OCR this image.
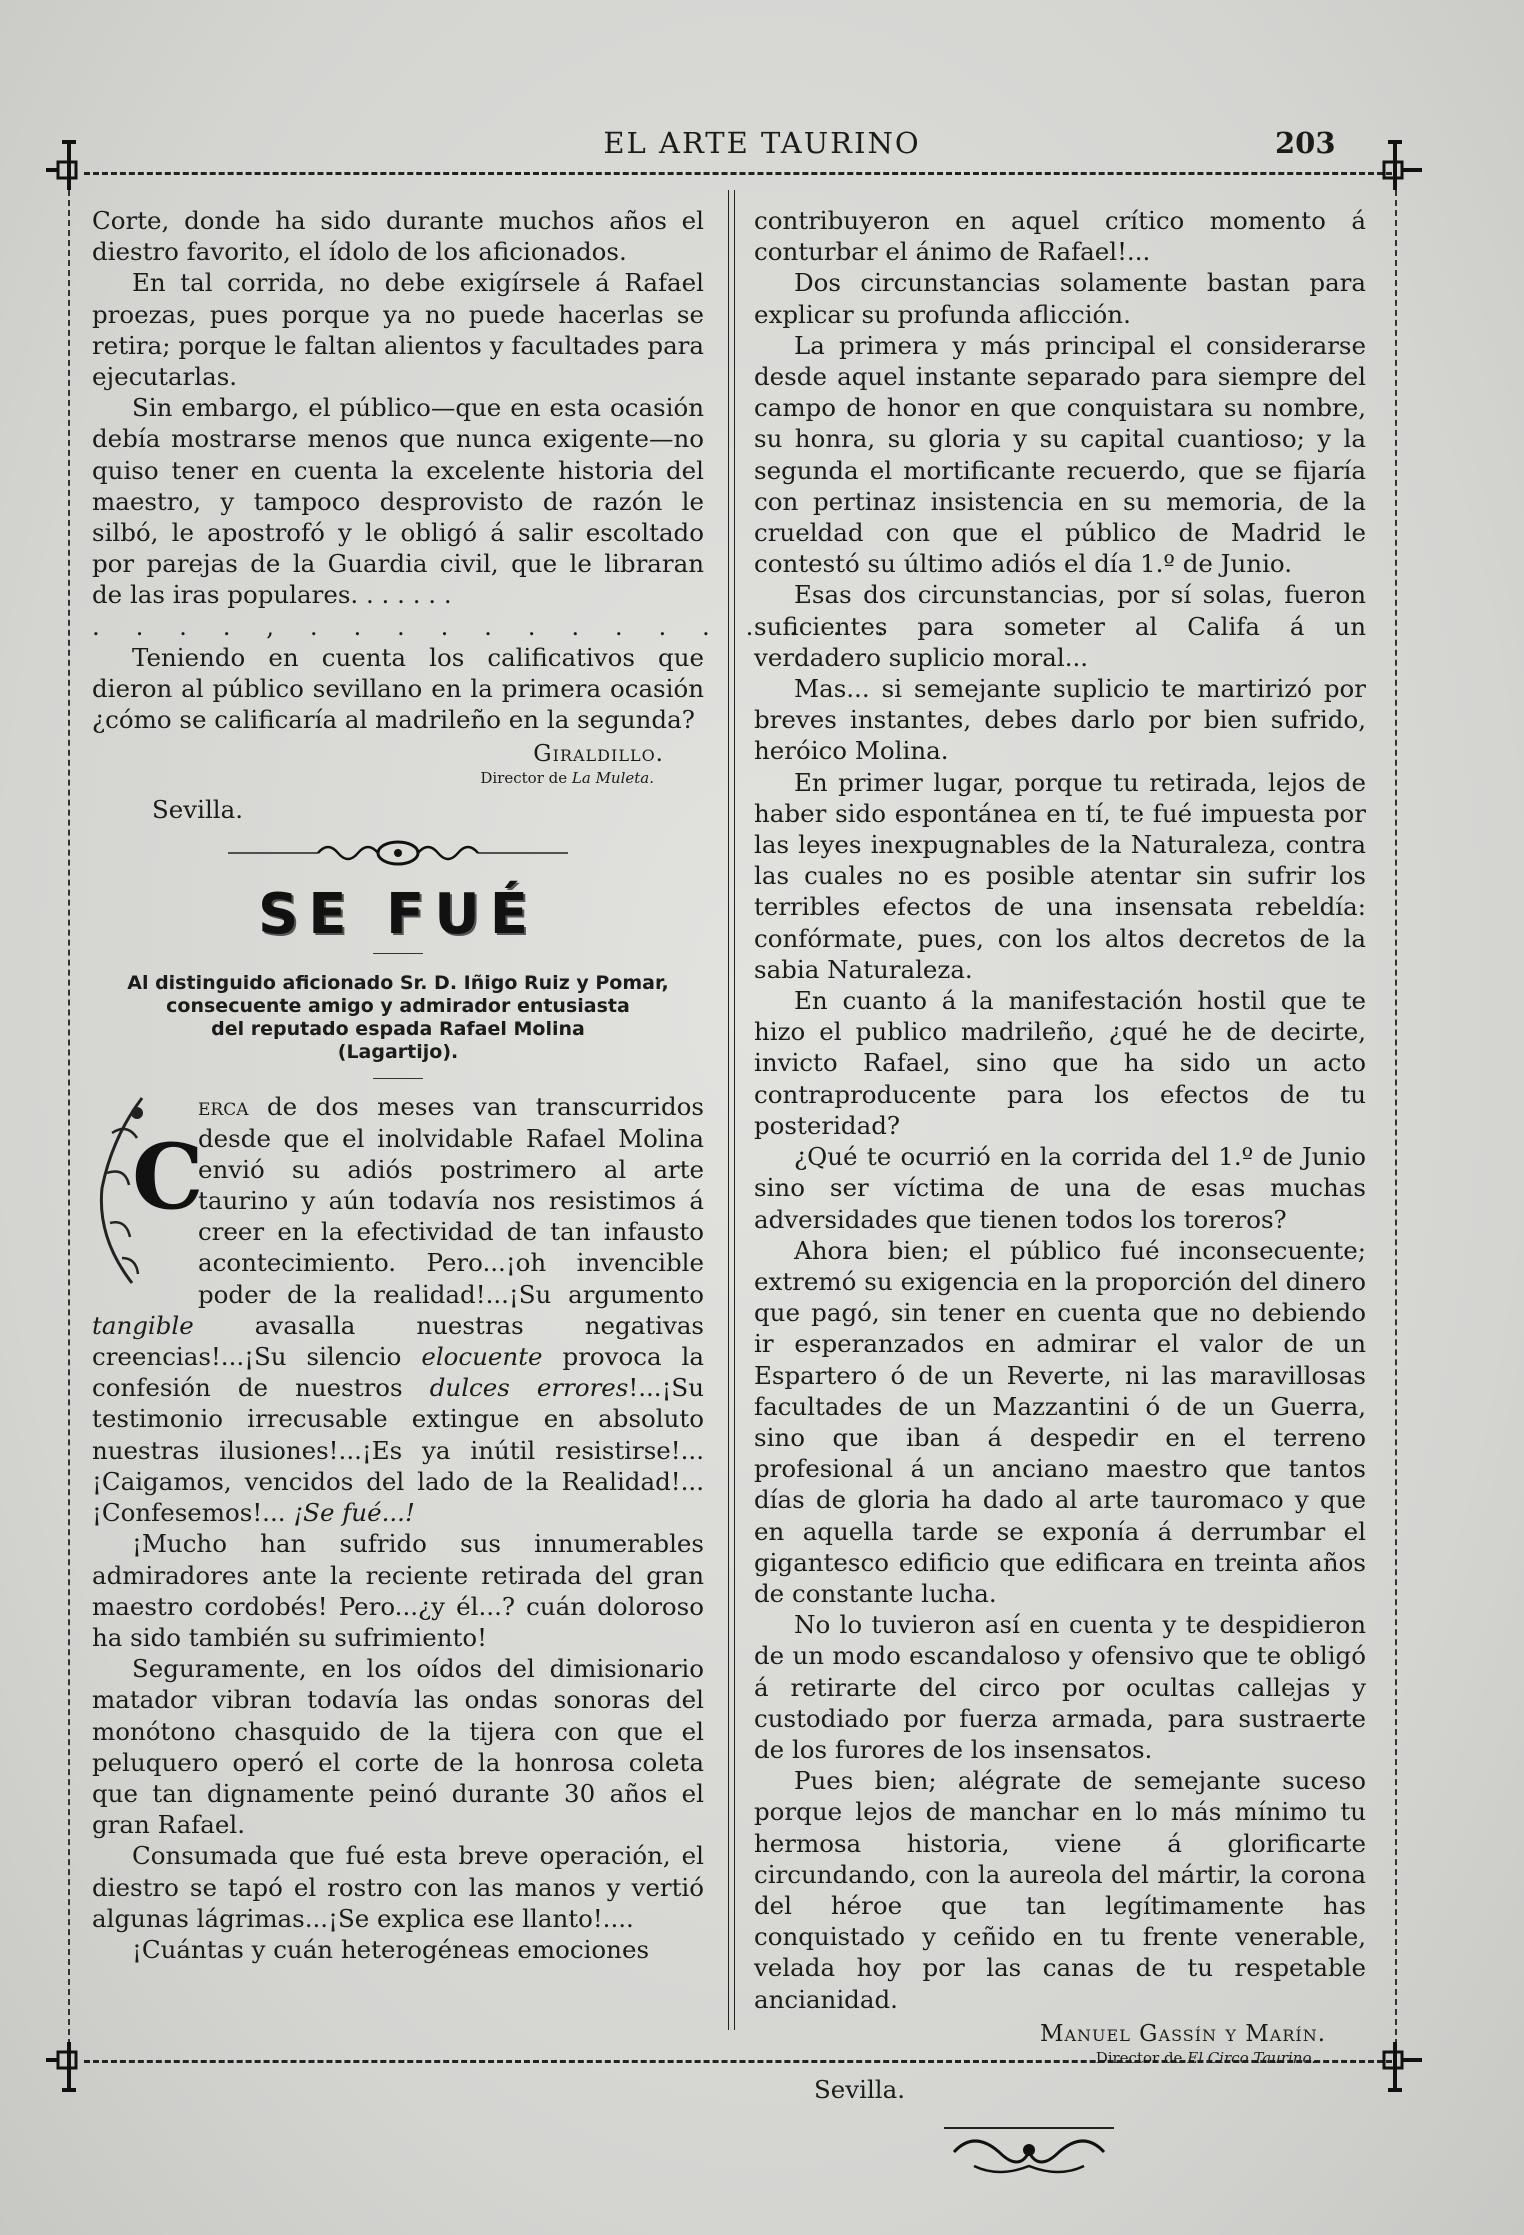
EL ARTE TAURINO	203

Corte, donde ha sido durante muchos años el diestro favorito, el ídolo de los aficionados.

En tal corrida, no debe exigírsele á Rafael proezas, pues porque ya no puede hacerlas se retira; porque le faltan alientos y facultades para ejecutarlas.

Sin embargo, el público—que en esta ocasión debía mostrarse menos que nunca exigente—no quiso tener en cuenta la excelente historia del maestro, y tampoco desprovisto de razón le silbó, le apostrofó y le obligó á salir escoltado por parejas de la Guardia civil, que le libraran de las iras populares. . . . . . .

. . . . , . . . . . . . . . . . . . .

Teniendo en cuenta los calificativos que dieron al público sevillano en la primera ocasión ¿cómo se calificaría al madrileño en la segunda?

Giraldillo.
Director de La Muleta.
Sevilla.
SE FUÉ
Al distinguido aficionado Sr. D. Iñigo Ruiz y Pomar,
consecuente amigo y admirador entusiasta
del reputado espada Rafael Molina
(Lagartijo).
C

erca de dos meses van transcurridos desde que el inolvidable Rafael Molina envió su adiós postrimero al arte taurino y aún todavía nos resistimos á creer en la efectividad de tan infausto acontecimiento. Pero...¡oh invencible poder de la realidad!...¡Su argumento tangible avasalla nuestras negativas creencias!...¡Su silencio elocuente provoca la confesión de nuestros dulces errores!...¡Su testimonio irrecusable extingue en absoluto nuestras ilusiones!...¡Es ya inútil resistirse!...¡Caigamos, vencidos del lado de la Realidad!...¡Confesemos!... ¡Se fué...!

¡Mucho han sufrido sus innumerables admiradores ante la reciente retirada del gran maestro cordobés! Pero...¿y él...? cuán doloroso ha sido también su sufrimiento!

Seguramente, en los oídos del dimisionario matador vibran todavía las ondas sonoras del monótono chasquido de la tijera con que el peluquero operó el corte de la honrosa coleta que tan dignamente peinó durante 30 años el gran Rafael.

Consumada que fué esta breve operación, el diestro se tapó el rostro con las manos y vertió algunas lágrimas...¡Se explica ese llanto!....

¡Cuántas y cuán heterogéneas emociones

contribuyeron en aquel crítico momento á conturbar el ánimo de Rafael!...

Dos circunstancias solamente bastan para explicar su profunda aflicción.

La primera y más principal el considerarse desde aquel instante separado para siempre del campo de honor en que conquistara su nombre, su honra, su gloria y su capital cuantioso; y la segunda el mortificante recuerdo, que se fijaría con pertinaz insistencia en su memoria, de la crueldad con que el público de Madrid le contestó su último adiós el día 1.º de Junio.

Esas dos circunstancias, por sí solas, fueron suficientes para someter al Califa á un verdadero suplicio moral...

Mas... si semejante suplicio te martirizó por breves instantes, debes darlo por bien sufrido, heróico Molina.

En primer lugar, porque tu retirada, lejos de haber sido espontánea en tí, te fué impuesta por las leyes inexpugnables de la Naturaleza, contra las cuales no es posible atentar sin sufrir los terribles efectos de una insensata rebeldía: confórmate, pues, con los altos decretos de la sabia Naturaleza.

En cuanto á la manifestación hostil que te hizo el publico madrileño, ¿qué he de decirte, invicto Rafael, sino que ha sido un acto contraproducente para los efectos de tu posteridad?

¿Qué te ocurrió en la corrida del 1.º de Junio sino ser víctima de una de esas muchas adversidades que tienen todos los toreros?

Ahora bien; el público fué inconsecuente; extremó su exigencia en la proporción del dinero que pagó, sin tener en cuenta que no debiendo ir esperanzados en admirar el valor de un Espartero ó de un Reverte, ni las maravillosas facultades de un Mazzantini ó de un Guerra, sino que iban á despedir en el terreno profesional á un anciano maestro que tantos días de gloria ha dado al arte tauromaco y que en aquella tarde se exponía á derrumbar el gigantesco edificio que edificara en treinta años de constante lucha.

No lo tuvieron así en cuenta y te despidieron de un modo escandaloso y ofensivo que te obligó á retirarte del circo por ocultas callejas y custodiado por fuerza armada, para sustraerte de los furores de los insensatos.

Pues bien; alégrate de semejante suceso porque lejos de manchar en lo más mínimo tu hermosa historia, viene á glorificarte circundando, con la aureola del mártir, la corona del héroe que tan legítimamente has conquistado y ceñido en tu frente venerable, velada hoy por las canas de tu respetable ancianidad.

Manuel Gassín y Marín.
Director de El Circo Taurino.
Sevilla.
